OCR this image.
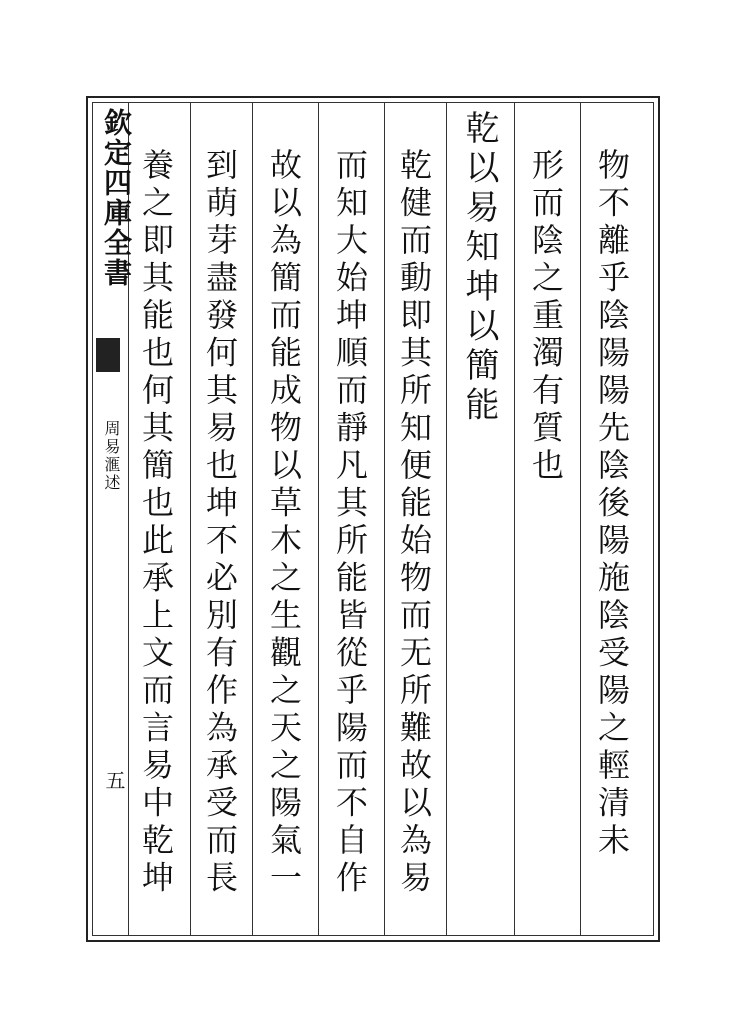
欽定四庫全書
周易滙述
五	物不離乎陰陽陽先陰後陽施陰受陽之輕清未
形而陰之重濁有質也
乾以易知坤以簡能
乾健而動即其所知便能始物而无所難故以為易
而知大始坤順而靜凡其所能皆從乎陽而不自作
故以為簡而能成物以草木之生觀之天之陽氣一
到萌芽盡發何其易也坤不必別有作為承受而長
養之即其能也何其簡也此承上文而言易中乾坤
